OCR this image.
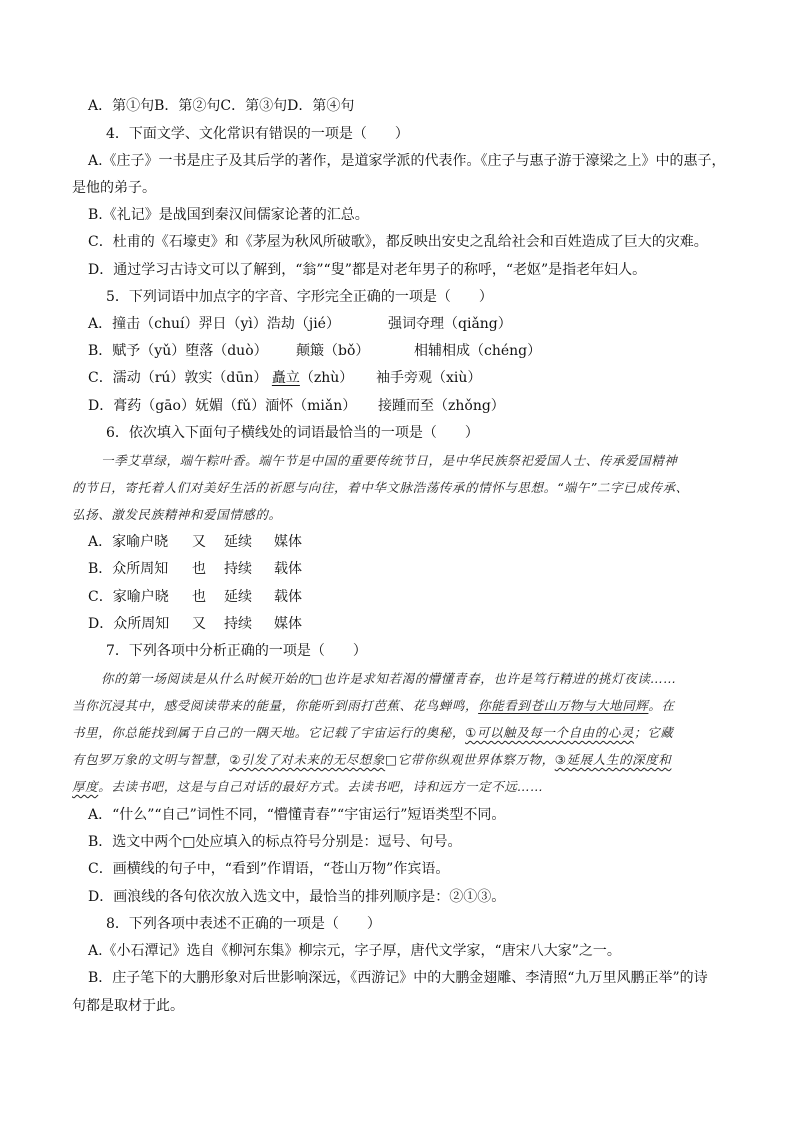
A．第①句B．第②句C．第③句D．第④句
4．下面文学、文化常识有错误的一项是（　　）
A.《庄子》一书是庄子及其后学的著作，是道家学派的代表作。《庄子与惠子游于濠梁之上》中的惠子，
是他的弟子。
B.《礼记》是战国到秦汉间儒家论著的汇总。
C．杜甫的《石壕吏》和《茅屋为秋风所破歌》，都反映出安史之乱给社会和百姓造成了巨大的灾难。
D．通过学习古诗文可以了解到，“翁”“叟”都是对老年男子的称呼，“老妪”是指老年妇人。
5．下列词语中加点字的字音、字形完全正确的一项是（　　）
A．撞击（chuí）羿日（yì）浩劫（jié）	强词夺理（qiǎng）
B．赋予（yǔ）堕落（duò） 颠簸（bǒ）	相辅相成（chéng）
C．濡动（rú）敦实（dūn） 矗立（zhù） 袖手旁观（xiù）
D．膏药（gāo）妩媚（fǔ）湎怀（miǎn） 接踵而至（zhǒng）
6．依次填入下面句子横线处的词语最恰当的一项是（　　）
一季艾草绿，端午粽叶香。端午节是中国的重要传统节日，是中华民族祭祀爱国人士、传承爱国精神
的节日，寄托着人们对美好生活的祈愿与向往，着中华文脉浩荡传承的情怀与思想。“端午”二字已成传承、
弘扬、激发民族精神和爱国情感的。
A．家喻户晓 又 延续 媒体
B．众所周知 也 持续 载体
C．家喻户晓 也 延续 载体
D．众所周知 又 持续 媒体
7．下列各项中分析正确的一项是（　　）
你的第一场阅读是从什么时候开始的□也许是求知若渴的懵懂青春，也许是笃行精进的挑灯夜读……
当你沉浸其中，感受阅读带来的能量，你能听到雨打芭蕉、花鸟蝉鸣，你能看到苍山万物与大地同辉。在
书里，你总能找到属于自己的一隅天地。它记载了宇宙运行的奥秘，①可以触及每一个自由的心灵；它藏
有包罗万象的文明与智慧，②引发了对未来的无尽想象□它带你纵观世界体察万物，③延展人生的深度和
厚度。去读书吧，这是与自己对话的最好方式。去读书吧，诗和远方一定不远……
A．“什么”“自己”词性不同，“懵懂青春”“宇宙运行”短语类型不同。
B．选文中两个□处应填入的标点符号分别是：逗号、句号。
C．画横线的句子中，“看到”作谓语，“苍山万物”作宾语。
D．画浪线的各句依次放入选文中，最恰当的排列顺序是：②①③。
8．下列各项中表述不正确的一项是（　　）
A.《小石潭记》选自《柳河东集》柳宗元，字子厚，唐代文学家，“唐宋八大家”之一。
B．庄子笔下的大鹏形象对后世影响深远，《西游记》中的大鹏金翅雕、李清照“九万里风鹏正举”的诗
句都是取材于此。
